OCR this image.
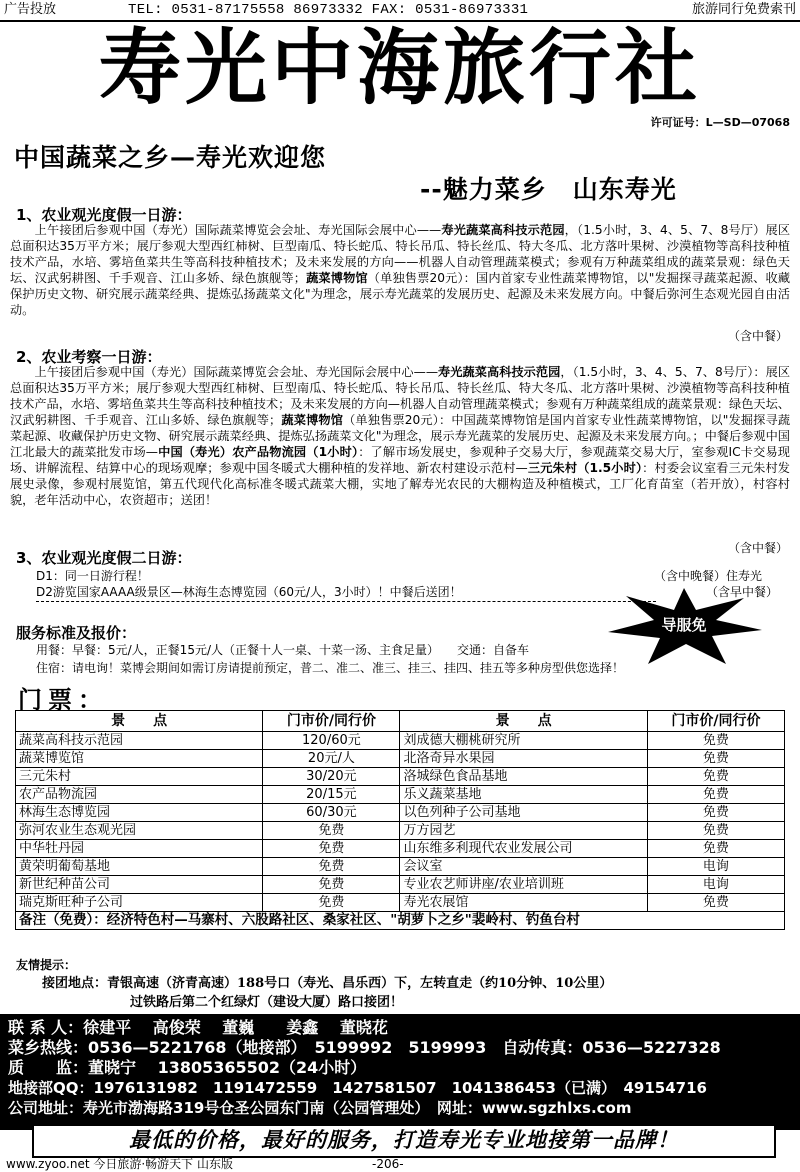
广告投放	TEL: 0531-87175558 86973332 FAX: 0531-86973331	旅游同行免费索刊
寿光中海旅行社
许可证号：L—SD—07068
中国蔬菜之乡—寿光欢迎您
--魅力菜乡　山东寿光
1、农业观光度假一日游：
　　上午接团后参观中国（寿光）国际蔬菜博览会会址、寿光国际会展中心——寿光蔬菜高科技示范园，（1.5小时，3、4、5、7、8号厅）展区总面积达35万平方米；展厅参观大型西红柿树、巨型南瓜、特长蛇瓜、特长吊瓜、特长丝瓜、特大冬瓜、北方落叶果树、沙漠植物等高科技种植技术产品，水培、雾培鱼菜共生等高科技种植技术；及未来发展的方向——机器人自动管理蔬菜模式；参观有万种蔬菜组成的蔬菜景观：绿色天坛、汉武躬耕图、千手观音、江山多娇、绿色旗舰等；蔬菜博物馆（单独售票20元）：国内首家专业性蔬菜博物馆，以"发掘探寻蔬菜起源、收藏保护历史文物、研究展示蔬菜经典、提炼弘扬蔬菜文化"为理念，展示寿光蔬菜的发展历史、起源及未来发展方向。中餐后弥河生态观光园自由活动。
（含中餐）
2、农业考察一日游：
　　上午接团后参观中国（寿光）国际蔬菜博览会会址、寿光国际会展中心——寿光蔬菜高科技示范园，（1.5小时，3、4、5、7、8号厅）：展区总面积达35万平方米；展厅参观大型西红柿树、巨型南瓜、特长蛇瓜、特长吊瓜、特长丝瓜、特大冬瓜、北方落叶果树、沙漠植物等高科技种植技术产品，水培、雾培鱼菜共生等高科技种植技术；及未来发展的方向—机器人自动管理蔬菜模式；参观有万种蔬菜组成的蔬菜景观：绿色天坛、汉武躬耕图、千手观音、江山多娇、绿色旗舰等；蔬菜博物馆（单独售票20元）：中国蔬菜博物馆是国内首家专业性蔬菜博物馆，以"发掘探寻蔬菜起源、收藏保护历史文物、研究展示蔬菜经典、提炼弘扬蔬菜文化"为理念，展示寿光蔬菜的发展历史、起源及未来发展方向。；中餐后参观中国江北最大的蔬菜批发市场—中国（寿光）农产品物流园（1小时）：了解市场发展史，参观种子交易大厅，参观蔬菜交易大厅，室参观IC卡交易现场、讲解流程、结算中心的现场观摩；参观中国冬暖式大棚种植的发祥地、新农村建设示范村—三元朱村（1.5小时）：村委会议室看三元朱村发展史录像，参观村展览馆，第五代现代化高标准冬暖式蔬菜大棚，实地了解寿光农民的大棚构造及种植模式，工厂化育苗室（若开放），村容村貌，老年活动中心，农资超市；送团！
（含中餐）
3、农业观光度假二日游：
D1：同一日游行程！	（含中晚餐）住寿光
D2游览国家AAAA级景区—林海生态博览园（60元/人，3小时）！中餐后送团！	（含早中餐）
导服免
服务标准及报价：
用餐：早餐：5元/人，正餐15元/人（正餐十人一桌、十菜一汤、主食足量）　　交通：自备车
住宿：请电询！菜博会期间如需订房请提前预定，普二、准二、准三、挂三、挂四、挂五等多种房型供您选择！
门票：
景　　点	门市价/同行价	景　　点	门市价/同行价
蔬菜高科技示范园	120/60元	刘成德大棚桃研究所	免费
蔬菜博览馆	20元/人	北洛奇异水果园	免费
三元朱村	30/20元	洛城绿色食品基地	免费
农产品物流园	20/15元	乐义蔬菜基地	免费
林海生态博览园	60/30元	以色列种子公司基地	免费
弥河农业生态观光园	免费	万方园艺	免费
中华牡丹园	免费	山东维多利现代农业发展公司	免费
黄荣明葡萄基地	免费	会议室	电询
新世纪种苗公司	免费	专业农艺师讲座/农业培训班	电询
瑞克斯旺种子公司	免费	寿光农展馆	免费
备注（免费）：经济特色村—马寨村、六股路社区、桑家社区、"胡萝卜之乡"裴岭村、钓鱼台村			
友情提示：
　　接团地点：青银高速（济青高速）188号口（寿光、昌乐西）下，左转直走（约10分钟、10公里）
过铁路后第二个红绿灯（建设大厦）路口接团！
联 系 人：徐建平　 高俊荣　 董巍　　姜鑫　 董晓花
菜乡热线：0536—5221768（地接部）　5199992　5199993　自动传真：0536—5227328
质　　监：董晓宁　 13805365502（24小时）
地接部QQ：1976131982　1191472559　1427581507　1041386453（已满）　49154716
公司地址：寿光市渤海路319号仓圣公园东门南（公园管理处）　网址：www.sgzhlxs.com
最低的价格，最好的服务，打造寿光专业地接第一品牌！
www.zyoo.net 今日旅游·畅游天下 山东版	-206-
